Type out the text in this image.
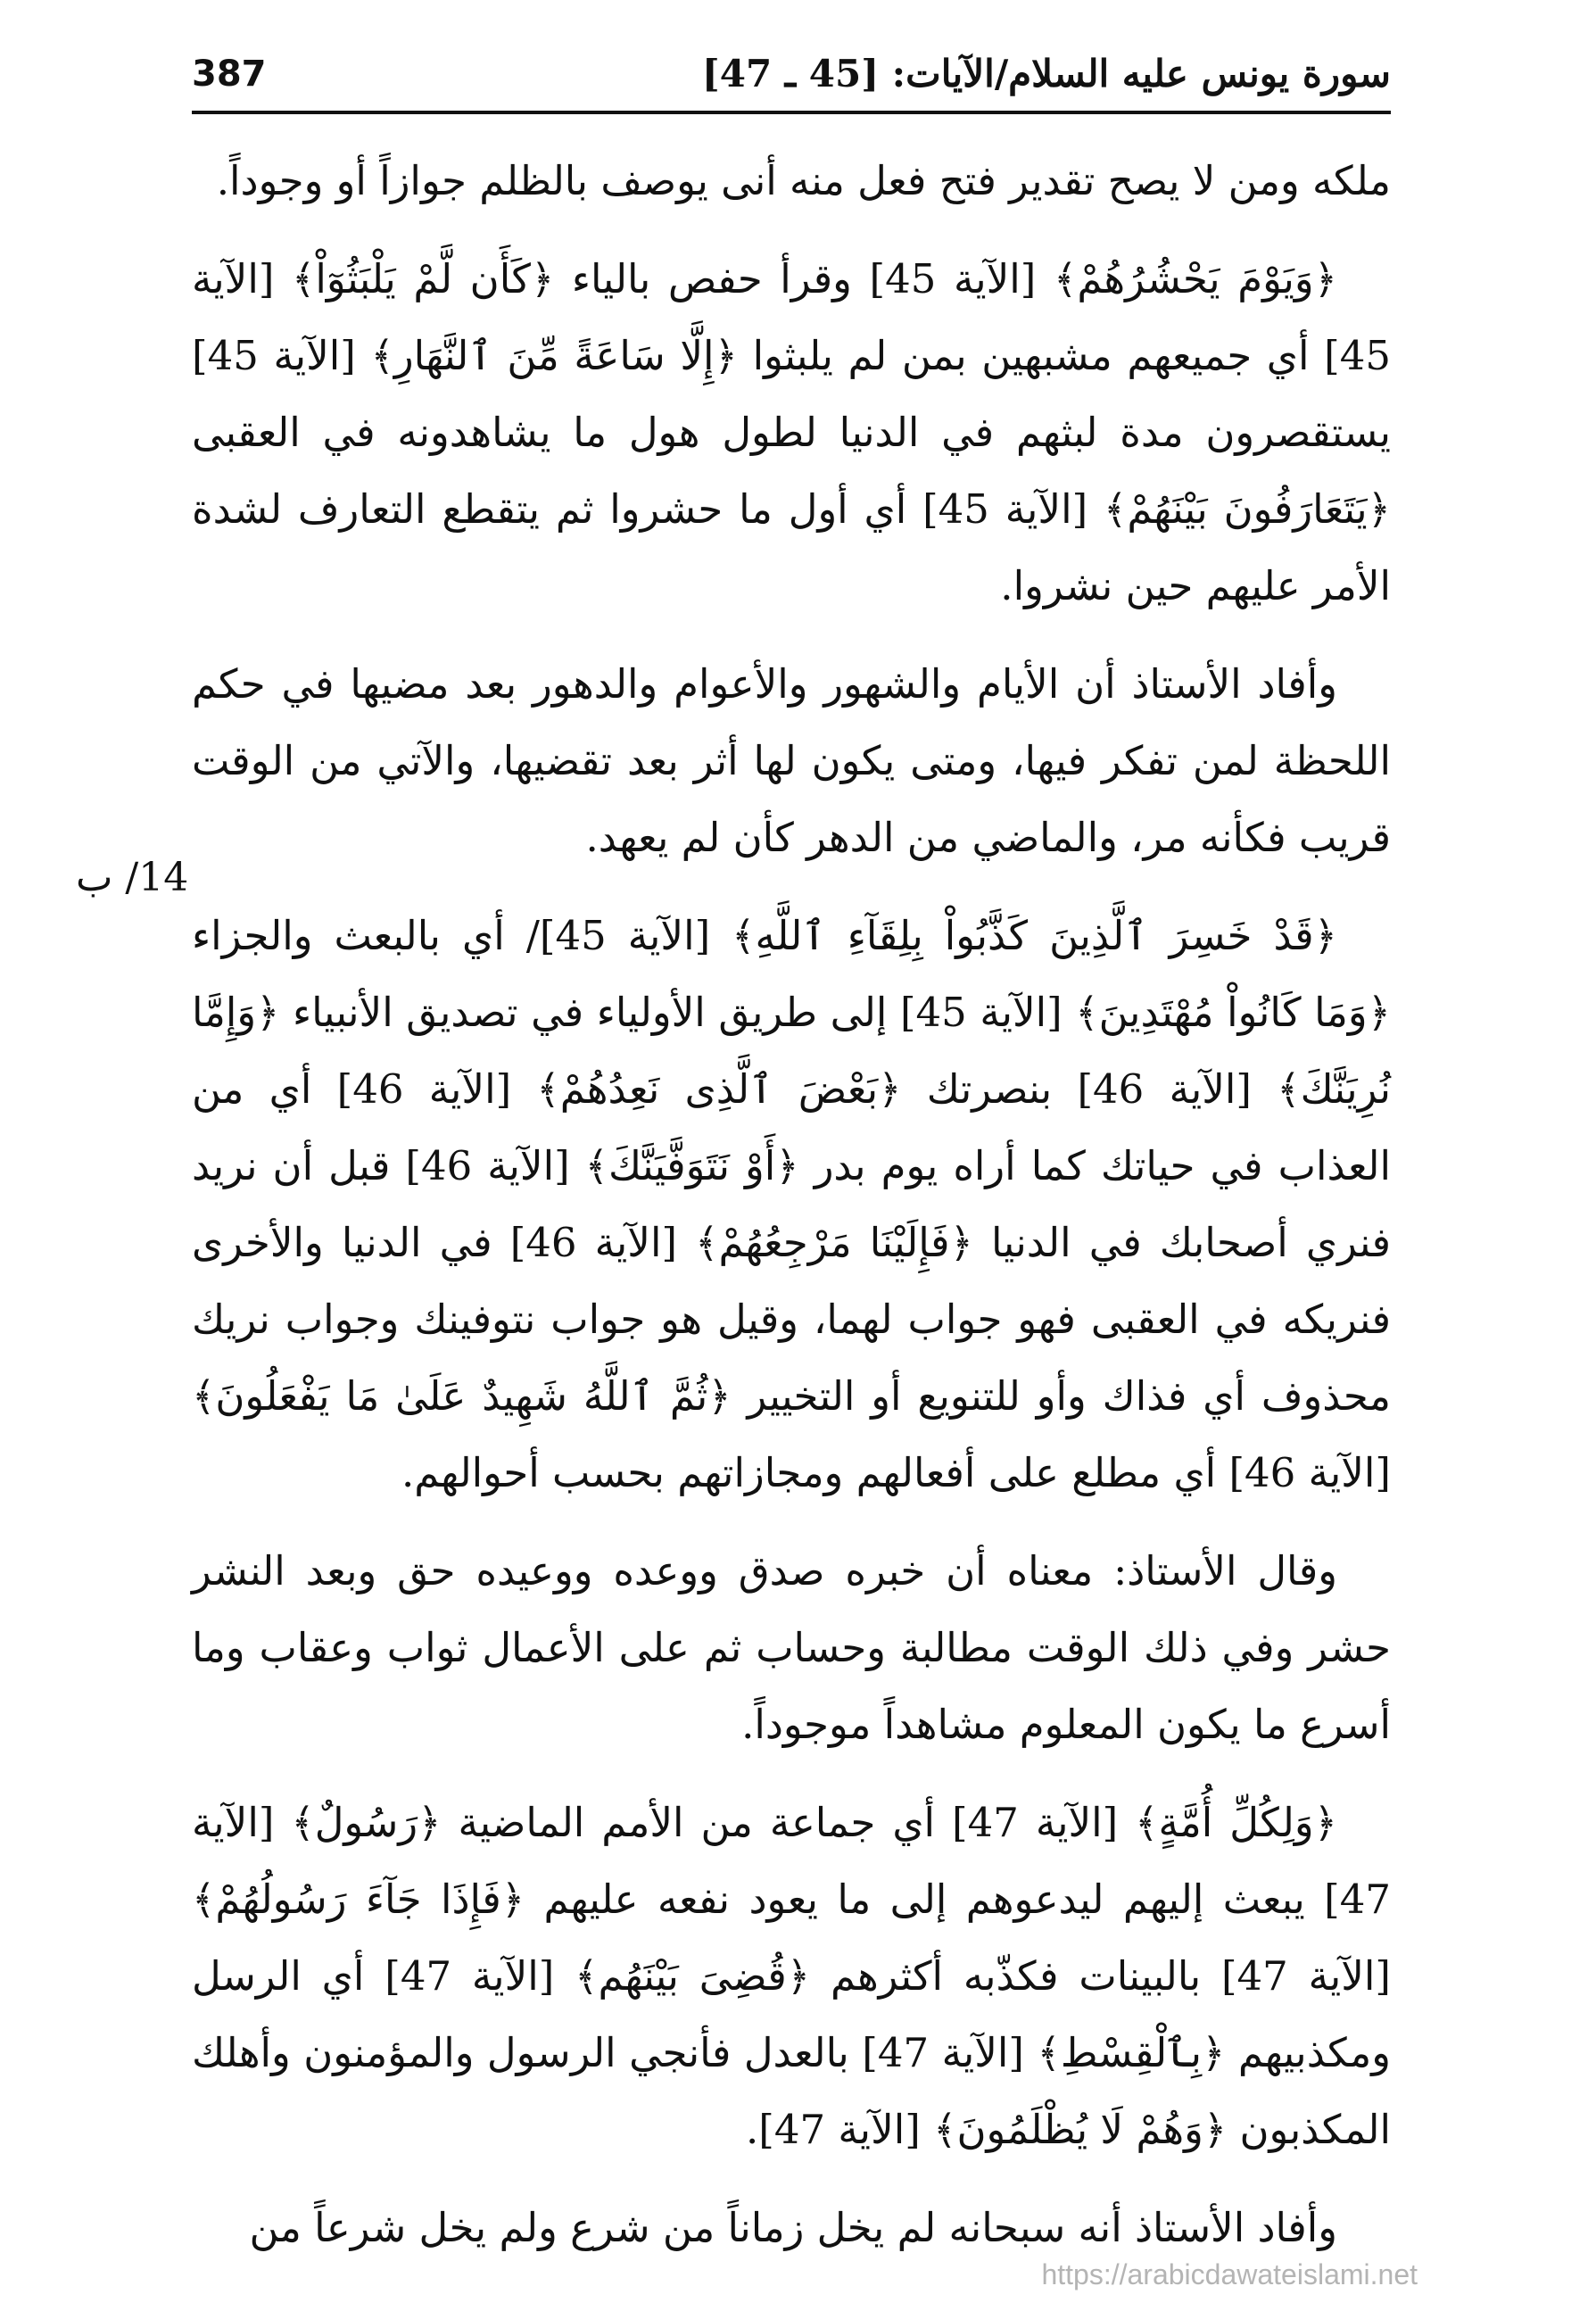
387	سورة يونس عليه السلام/الآيات: [45 ـ 47]
14/ ب

ملكه ومن لا يصح تقدير فتح فعل منه أنى يوصف بالظلم جوازاً أو وجوداً.

﴿وَيَوْمَ يَحْشُرُهُمْ﴾ [الآية 45] وقرأ حفص بالياء ﴿كَأَن لَّمْ يَلْبَثُوٓاْ﴾ [الآية 45] أي جميعهم مشبهين بمن لم يلبثوا ﴿إِلَّا سَاعَةً مِّنَ ٱلنَّهَارِ﴾ [الآية 45] يستقصرون مدة لبثهم في الدنيا لطول هول ما يشاهدونه في العقبى ﴿يَتَعَارَفُونَ بَيْنَهُمْ﴾ [الآية 45] أي أول ما حشروا ثم يتقطع التعارف لشدة الأمر عليهم حين نشروا.

وأفاد الأستاذ أن الأيام والشهور والأعوام والدهور بعد مضيها في حكم اللحظة لمن تفكر فيها، ومتى يكون لها أثر بعد تقضيها، والآتي من الوقت قريب فكأنه مر، والماضي من الدهر كأن لم يعهد.

﴿قَدْ خَسِرَ ٱلَّذِينَ كَذَّبُواْ بِلِقَآءِ ٱللَّهِ﴾ [الآية 45]/ أي بالبعث والجزاء ﴿وَمَا كَانُواْ مُهْتَدِينَ﴾ [الآية 45] إلى طريق الأولياء في تصديق الأنبياء ﴿وَإِمَّا نُرِيَنَّكَ﴾ [الآية 46] بنصرتك ﴿بَعْضَ ٱلَّذِى نَعِدُهُمْ﴾ [الآية 46] أي من العذاب في حياتك كما أراه يوم بدر ﴿أَوْ نَتَوَفَّيَنَّكَ﴾ [الآية 46] قبل أن نريد فنري أصحابك في الدنيا ﴿فَإِلَيْنَا مَرْجِعُهُمْ﴾ [الآية 46] في الدنيا والأخرى فنريكه في العقبى فهو جواب لهما، وقيل هو جواب نتوفينك وجواب نريك محذوف أي فذاك وأو للتنويع أو التخيير ﴿ثُمَّ ٱللَّهُ شَهِيدٌ عَلَىٰ مَا يَفْعَلُونَ﴾ [الآية 46] أي مطلع على أفعالهم ومجازاتهم بحسب أحوالهم.

وقال الأستاذ: معناه أن خبره صدق ووعده ووعيده حق وبعد النشر حشر وفي ذلك الوقت مطالبة وحساب ثم على الأعمال ثواب وعقاب وما أسرع ما يكون المعلوم مشاهداً موجوداً.

﴿وَلِكُلِّ أُمَّةٍ﴾ [الآية 47] أي جماعة من الأمم الماضية ﴿رَسُولٌ﴾ [الآية 47] يبعث إليهم ليدعوهم إلى ما يعود نفعه عليهم ﴿فَإِذَا جَآءَ رَسُولُهُمْ﴾ [الآية 47] بالبينات فكذّبه أكثرهم ﴿قُضِىَ بَيْنَهُم﴾ [الآية 47] أي الرسل ومكذبيهم ﴿بِٱلْقِسْطِ﴾ [الآية 47] بالعدل فأنجي الرسول والمؤمنون وأهلك المكذبون ﴿وَهُمْ لَا يُظْلَمُونَ﴾ [الآية 47].

وأفاد الأستاذ أنه سبحانه لم يخل زماناً من شرع ولم يخل شرعاً من

https://arabicdawateislami.net
